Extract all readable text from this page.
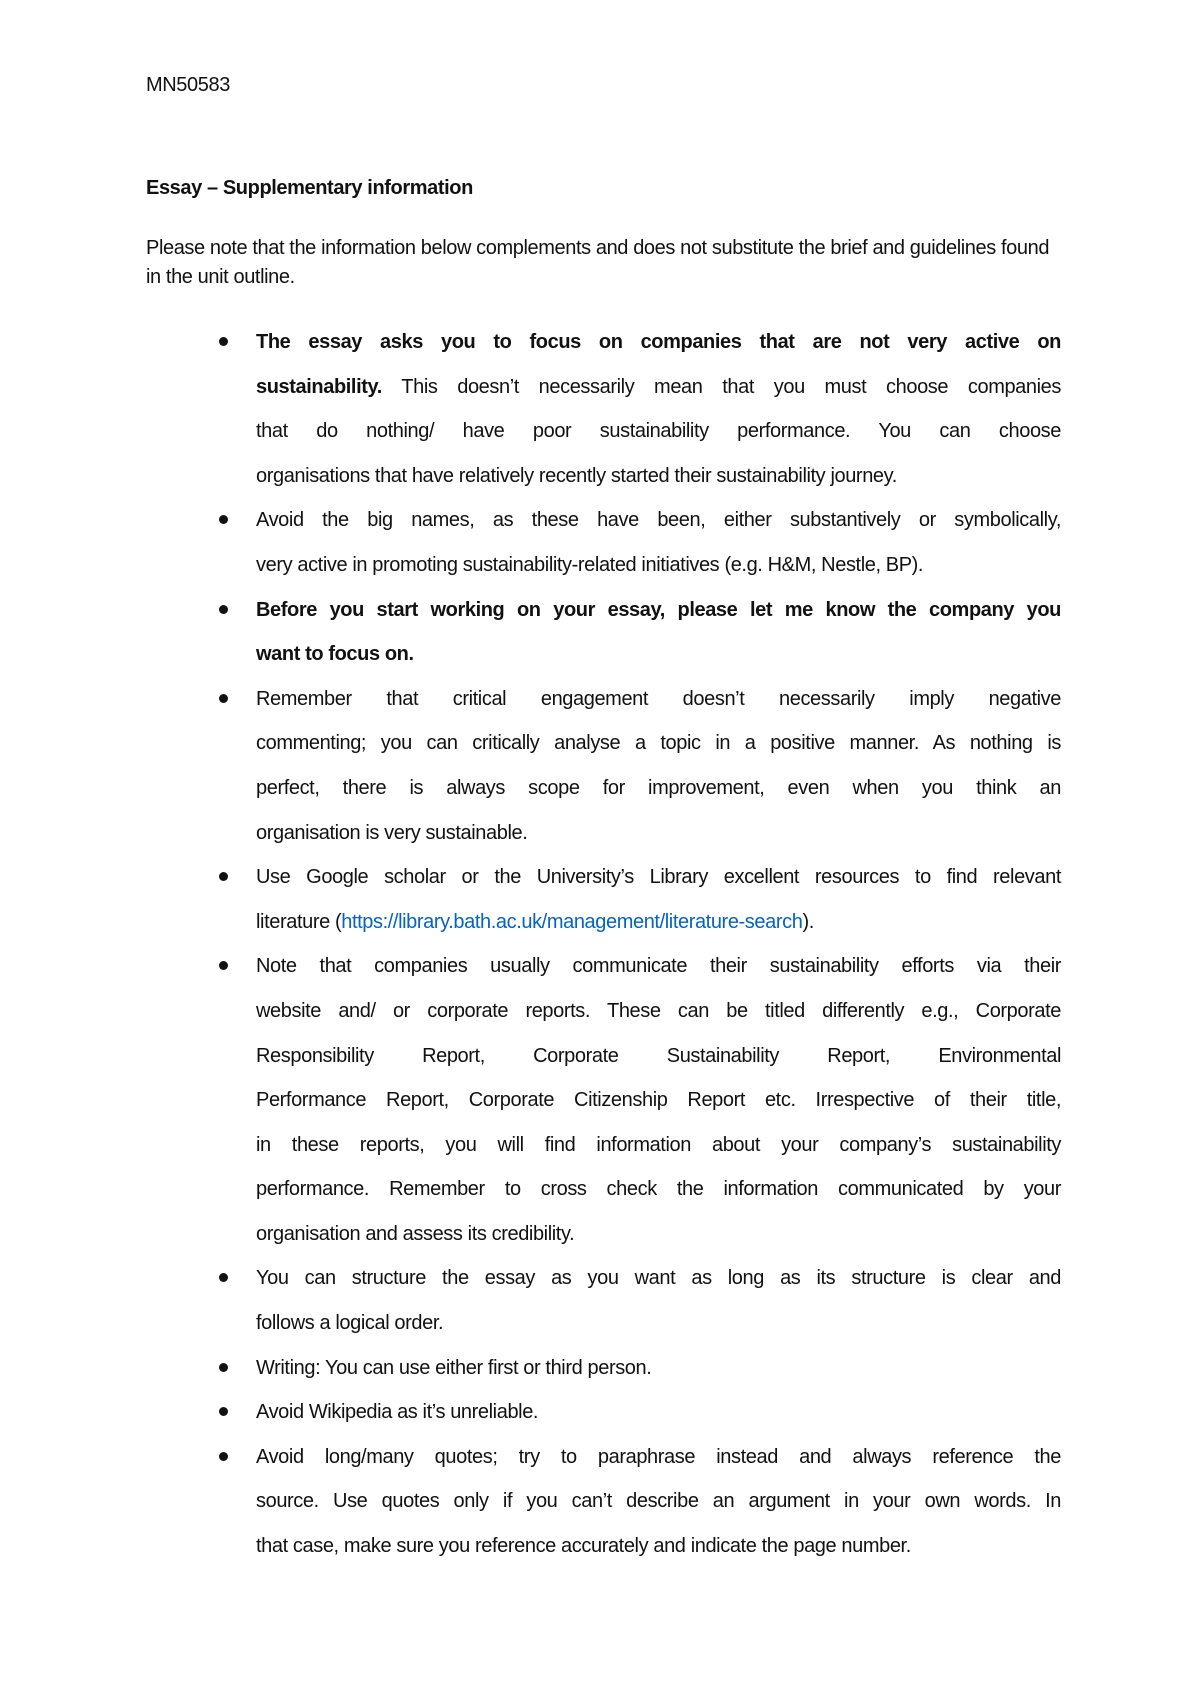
MN50583
Essay – Supplementary information
Please note that the information below complements and does not substitute the brief and guidelines found in the unit outline.
The essay asks you to focus on companies that are not very active on
sustainability. This doesn’t necessarily mean that you must choose companies
that do nothing/ have poor sustainability performance. You can choose
organisations that have relatively recently started their sustainability journey.
Avoid the big names, as these have been, either substantively or symbolically,
very active in promoting sustainability-related initiatives (e.g. H&M, Nestle, BP).
Before you start working on your essay, please let me know the company you
want to focus on.
Remember that critical engagement doesn’t necessarily imply negative
commenting; you can critically analyse a topic in a positive manner. As nothing is
perfect, there is always scope for improvement, even when you think an
organisation is very sustainable.
Use Google scholar or the University’s Library excellent resources to find relevant
literature (https://library.bath.ac.uk/management/literature-search).
Note that companies usually communicate their sustainability efforts via their
website and/ or corporate reports. These can be titled differently e.g., Corporate
Responsibility Report, Corporate Sustainability Report, Environmental
Performance Report, Corporate Citizenship Report etc. Irrespective of their title,
in these reports, you will find information about your company’s sustainability
performance. Remember to cross check the information communicated by your
organisation and assess its credibility.
You can structure the essay as you want as long as its structure is clear and
follows a logical order.
Writing: You can use either first or third person.
Avoid Wikipedia as it’s unreliable.
Avoid long/many quotes; try to paraphrase instead and always reference the
source. Use quotes only if you can’t describe an argument in your own words. In
that case, make sure you reference accurately and indicate the page number.
